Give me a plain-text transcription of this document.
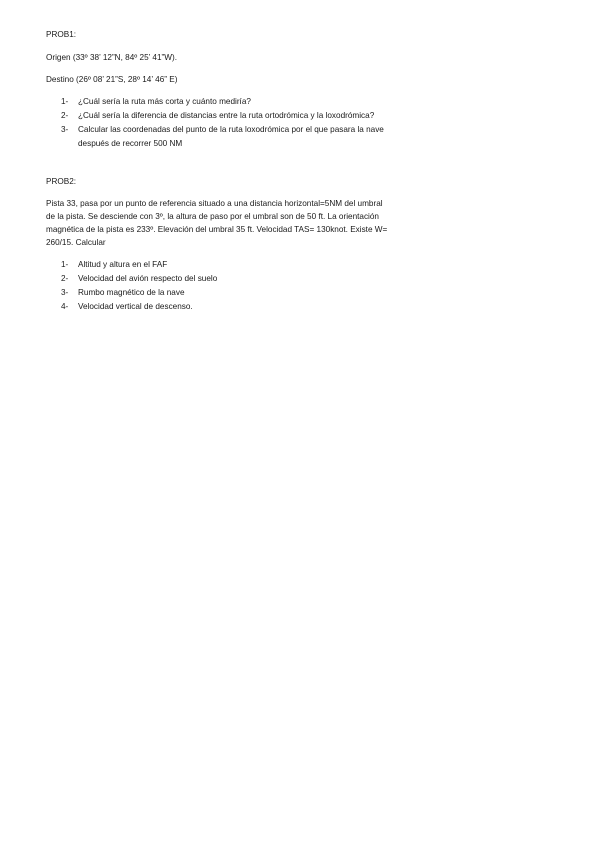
PROB1:
Origen (33º 38’ 12”N, 84º 25’ 41”W).
Destino (26º 08’ 21”S, 28º 14’ 46” E)
1- ¿Cuál sería la ruta más corta y cuánto mediría?
2- ¿Cuál sería la diferencia de distancias entre la ruta ortodrómica y la loxodrómica?
3- Calcular las coordenadas del punto de la ruta loxodrómica por el que pasara la nave
después de recorrer 500 NM
PROB2:
Pista 33, pasa por un punto de referencia situado a una distancia horizontal=5NM del umbral
de la pista. Se desciende con 3º, la altura de paso por el umbral son de 50 ft. La orientación
magnética de la pista es 233º. Elevación del umbral 35 ft. Velocidad TAS= 130knot. Existe W=
260/15. Calcular
1- Altitud y altura en el FAF
2- Velocidad del avión respecto del suelo
3- Rumbo magnético de la nave
4- Velocidad vertical de descenso.
